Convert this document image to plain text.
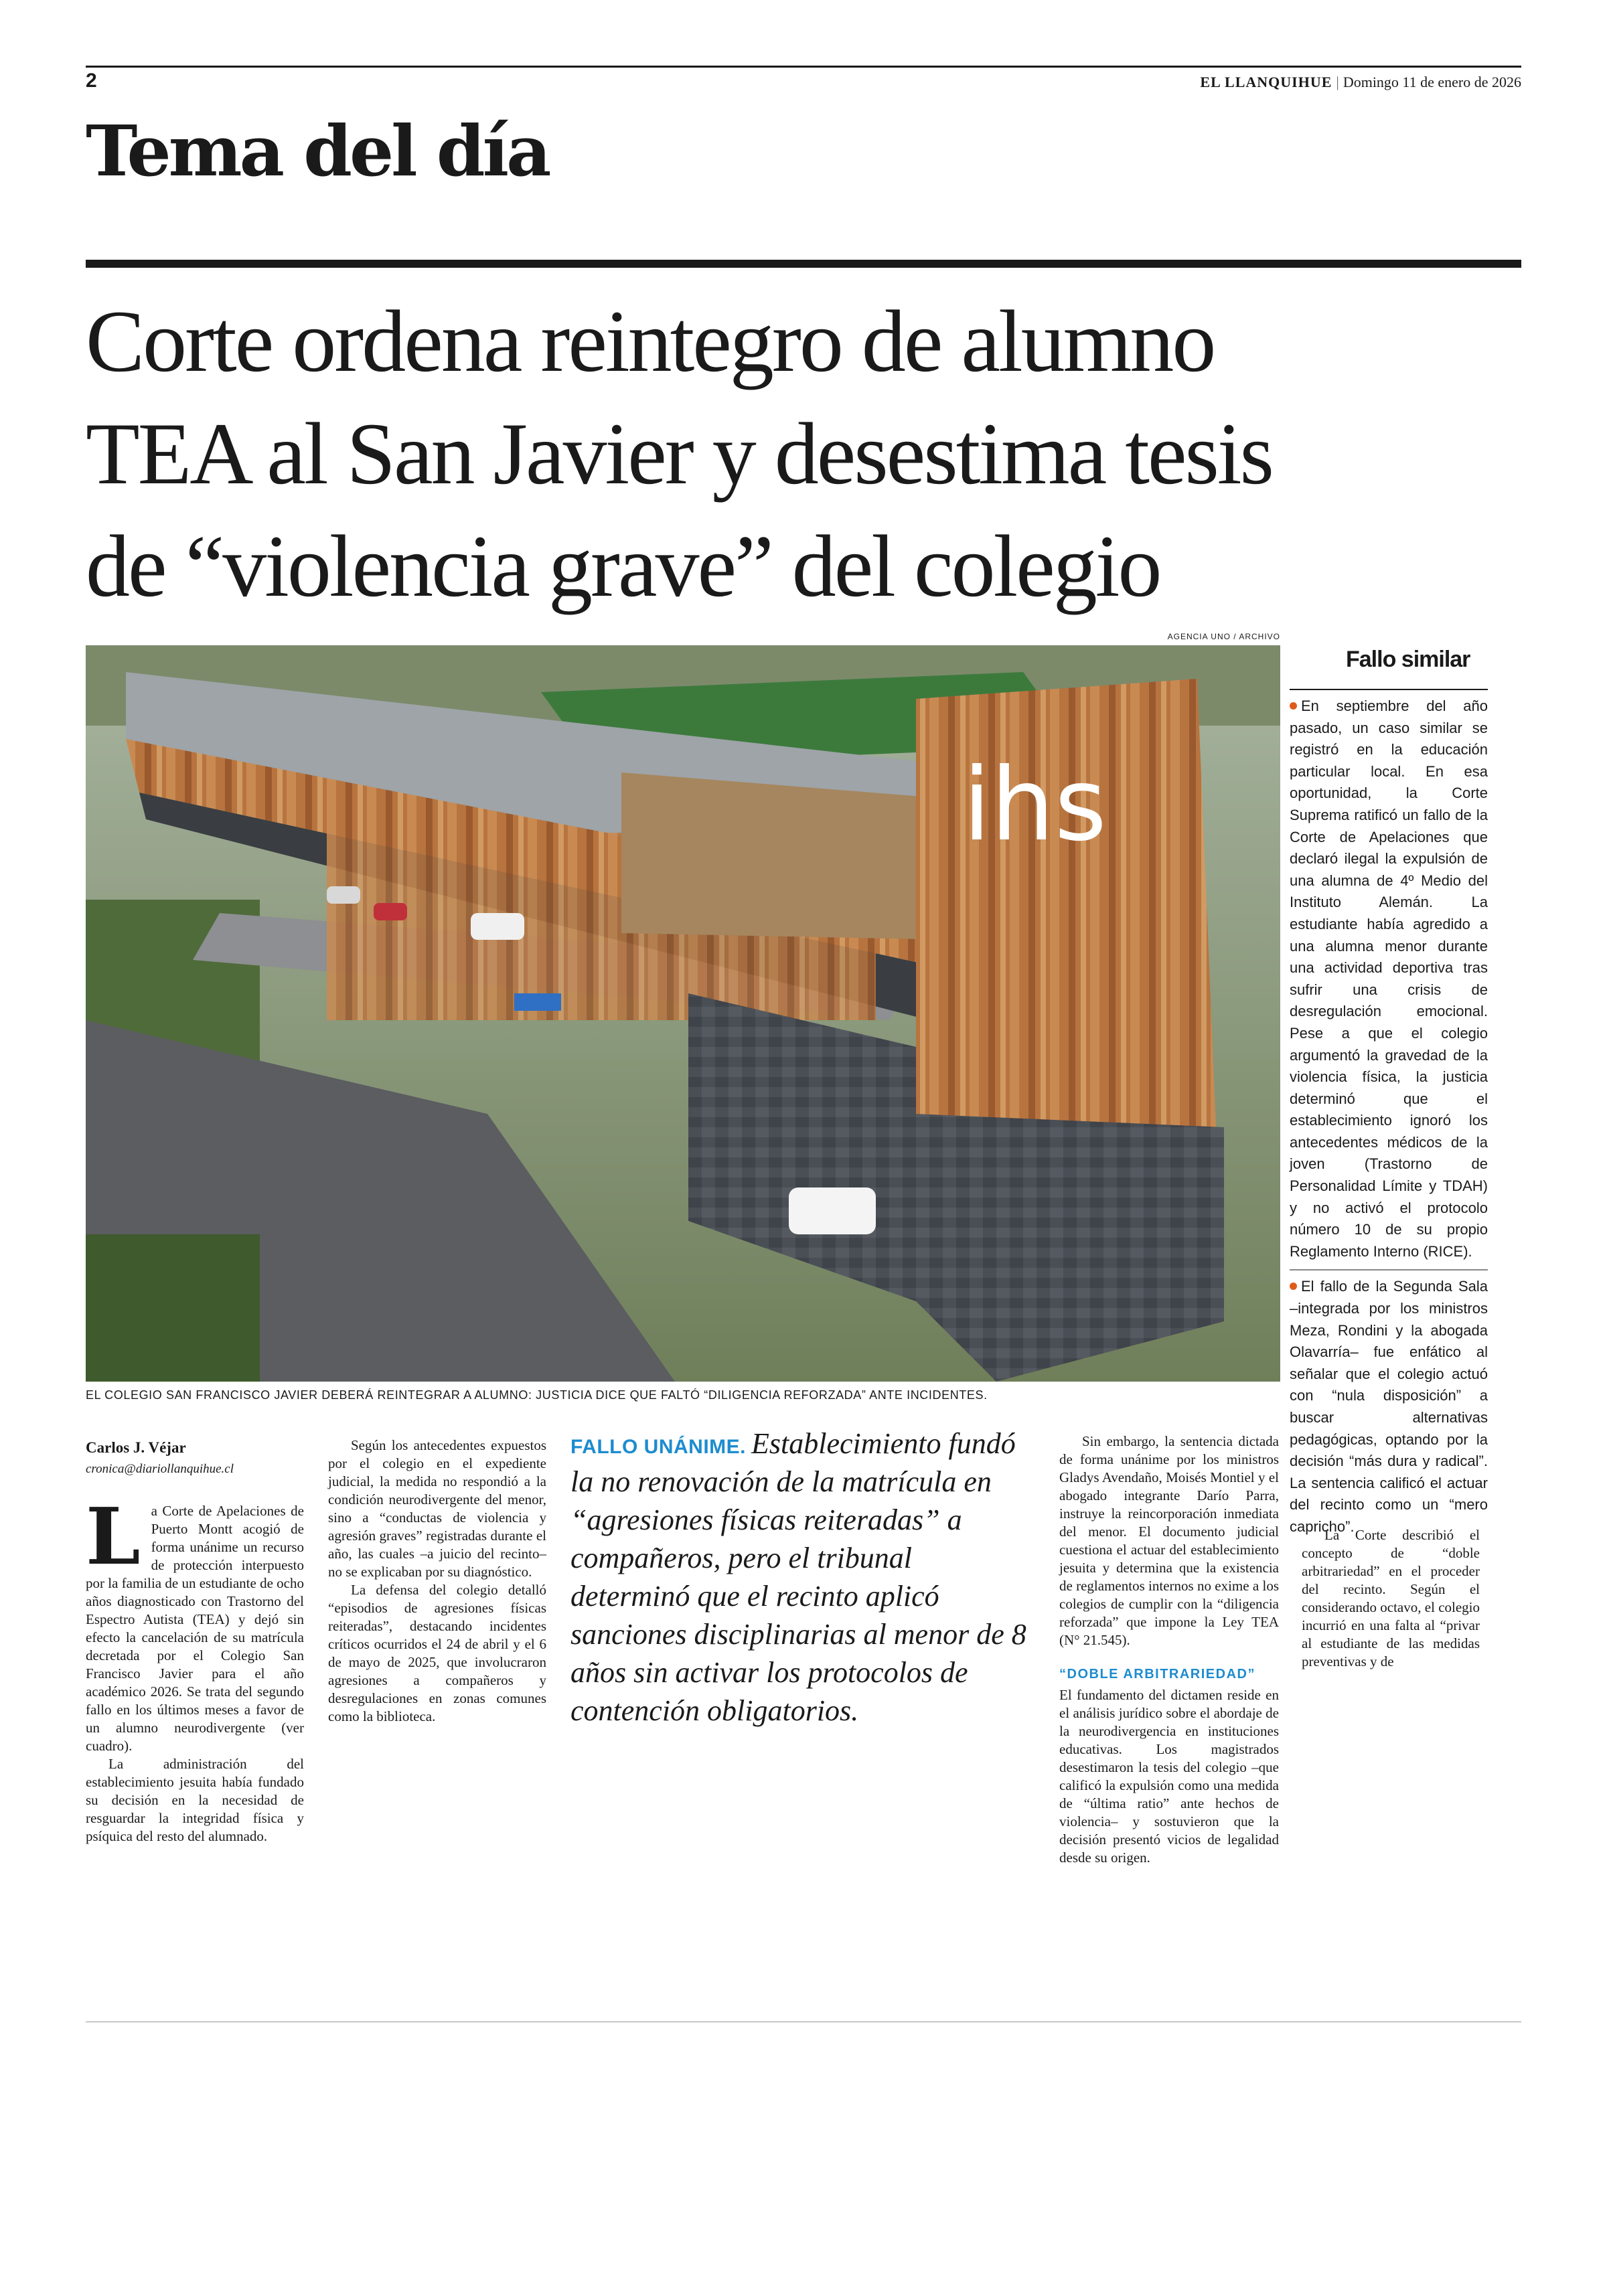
2	EL LLANQUIHUE | Domingo 11 de enero de 2026
Tema del día
Corte ordena reintegro de alumno
TEA al San Javier y desestima tesis
de “violencia grave” del colegio
AGENCIA UNO / ARCHIVO
ihs
EL COLEGIO SAN FRANCISCO JAVIER DEBERÁ REINTEGRAR A ALUMNO: JUSTICIA DICE QUE FALTÓ “DILIGENCIA REFORZADA” ANTE INCIDENTES.
Fallo similar
En septiembre del año pasado, un caso similar se registró en la educación particular local. En esa oportunidad, la Corte Suprema ratificó un fallo de la Corte de Apelaciones que declaró ilegal la expulsión de una alumna de 4º Medio del Instituto Alemán. La estudiante había agredido a una alumna menor durante una actividad deportiva tras sufrir una crisis de desregulación emocional. Pese a que el colegio argumentó la gravedad de la violencia física, la justicia determinó que el establecimiento ignoró los antecedentes médicos de la joven (Trastorno de Personalidad Límite y TDAH) y no activó el protocolo número 10 de su propio Reglamento Interno (RICE).
El fallo de la Segunda Sala –integrada por los ministros Meza, Rondini y la abogada Olavarría– fue enfático al señalar que el colegio actuó con “nula disposición” a buscar alternativas pedagógicas, optando por la decisión “más dura y radical”. La sentencia calificó el actuar del recinto como un “mero capricho”.
Carlos J. Véjar
cronica@diariollanquihue.cl

La Corte de Apelaciones de Puerto Montt acogió de forma unánime un recurso de protección interpuesto por la familia de un estudiante de ocho años diagnosticado con Trastorno del Espectro Autista (TEA) y dejó sin efecto la cancelación de su matrícula decretada por el Colegio San Francisco Javier para el año académico 2026. Se trata del segundo fallo en los últimos meses a favor de un alumno neurodivergente (ver cuadro).

La administración del establecimiento jesuita había fundado su decisión en la necesidad de resguardar la integridad física y psíquica del resto del alumnado.

Según los antecedentes expuestos por el colegio en el expediente judicial, la medida no respondió a la condición neurodivergente del menor, sino a “conductas de violencia y agresión graves” registradas durante el año, las cuales –a juicio del recinto– no se explicaban por su diagnóstico.

La defensa del colegio detalló “episodios de agresiones físicas reiteradas”, destacando incidentes críticos ocurridos el 24 de abril y el 6 de mayo de 2025, que involucraron agresiones a compañeros y desregulaciones en zonas comunes como la biblioteca.

FALLO UNÁNIME. Establecimiento fundó la no renovación de la matrícula en “agresiones físicas reiteradas” a compañeros, pero el tribunal determinó que el recinto aplicó sanciones disciplinarias al menor de 8 años sin activar los protocolos de contención obligatorios.

Sin embargo, la sentencia dictada de forma unánime por los ministros Gladys Avendaño, Moisés Montiel y el abogado integrante Darío Parra, instruye la reincorporación inmediata del menor. El documento judicial cuestiona el actuar del establecimiento jesuita y determina que la existencia de reglamentos internos no exime a los colegios de cumplir con la “diligencia reforzada” que impone la Ley TEA (N° 21.545).

“DOBLE ARBITRARIEDAD”

El fundamento del dictamen reside en el análisis jurídico sobre el abordaje de la neurodivergencia en instituciones educativas. Los magistrados desestimaron la tesis del colegio –que calificó la expulsión como una medida de “última ratio” ante hechos de violencia– y sostuvieron que la decisión presentó vicios de legalidad desde su origen.

La Corte describió el concepto de “doble arbitrariedad” en el proceder del recinto. Según el considerando octavo, el colegio incurrió en una falta al “privar al estudiante de las medidas preventivas y de
